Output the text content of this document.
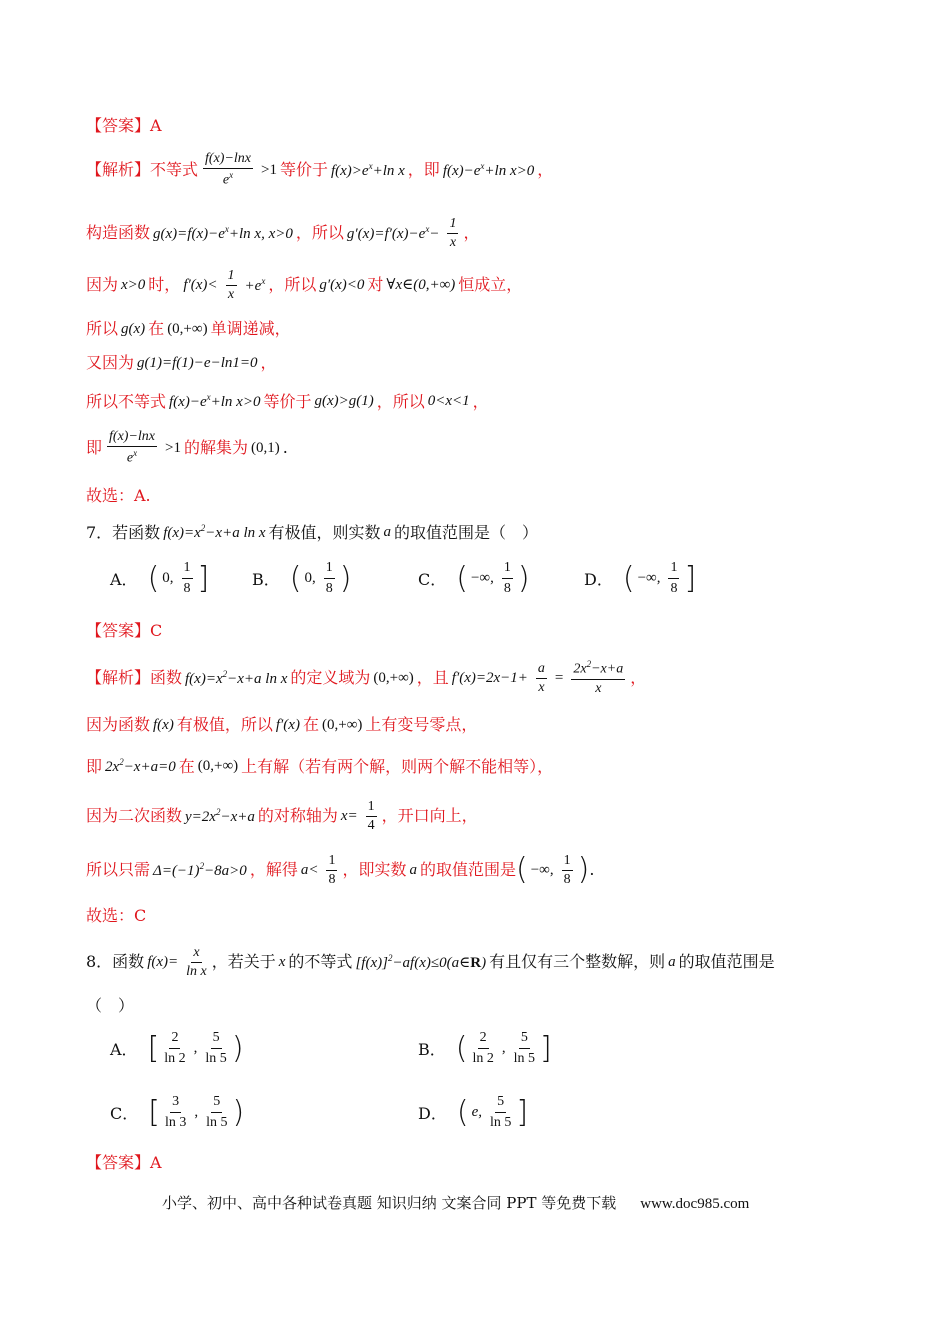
【答案】A
【解析】不等式 $\frac{f(x)-\ln x}{e^x} >1$ 等价于 $f(x)>e^x+\ln$ x ，即 $f(x)-e^x+\ln$ x>0 ，
构造函数 $g(x)=f(x)-e^x+\ln$ x, x>0 ，所以 $g'(x)=f'(x)-e^x- \frac{1}{x}$ ，
因为 x>0 时， $f'(x)< \frac{1}{x} +e^x$ ，所以 g′(x)<0 对 ∀x∈(0,+∞) 恒成立，
所以 g(x) 在 (0,+∞) 单调递减，
又因为 g(1)=f(1)−e−ln1=0 ，
所以不等式 $f(x)-e^x+\ln$ x>0 等价于 g(x)>g(1) ，所以 0<x<1 ，
即 $\frac{f(x)-\ln x}{e^x} >1$ 的解集为 (0,1) .
故选：A.
7．若函数 $f(x)=x^2-x+a$ ln x 有极值，则实数 a 的取值范围是（　）
A． ( 0, $\frac{1}{8}$ ]	B． ( 0, $\frac{1}{8}$ )	C． ( −∞, $\frac{1}{8}$ )	D． ( −∞, $\frac{1}{8}$ ]
【答案】C
【解析】函数 $f(x)=x^2-x+a$ ln x 的定义域为 (0,+∞) ，且 $f'(x)=2x-1+ \frac{a}{x} = \frac{2x^2-x+a}{x}$ ，
因为函数 f(x) 有极值，所以 f′(x) 在 (0,+∞) 上有变号零点，
即 $2x^2-x+a=0$ 在 (0,+∞) 上有解（若有两个解，则两个解不能相等），
因为二次函数 $y=2x^2-x+a$ 的对称轴为 $x= \frac{1}{4}$ ，开口向上，
所以只需 $\Delta=(-1)^2-8a>0$ ，解得 $a< \frac{1}{8}$ ，即实数 a 的取值范围是 ( −∞, $\frac{1}{8}$ ) .
故选：C
8．函数 $f(x)= \frac{x}{\text{ln x}}$ ，若关于 x 的不等式 $[f(x)]^2-af(x)\le 0(a\in R)$ 有且仅有三个整数解，则 a 的取值范围是
（　）
A． [ $\frac{2}{\ln 2}$ , $\frac{5}{\ln 5}$ )	B． ( $\frac{2}{\ln 2}$ , $\frac{5}{\ln 5}$ ]
C． [ $\frac{3}{\ln 3}$ , $\frac{5}{\ln 5}$ )	D． ( e, $\frac{5}{\ln 5}$ ]
【答案】A
小学、初中、高中各种试卷真题 知识归纳 文案合同 PPT 等免费下载 www.doc985.com
